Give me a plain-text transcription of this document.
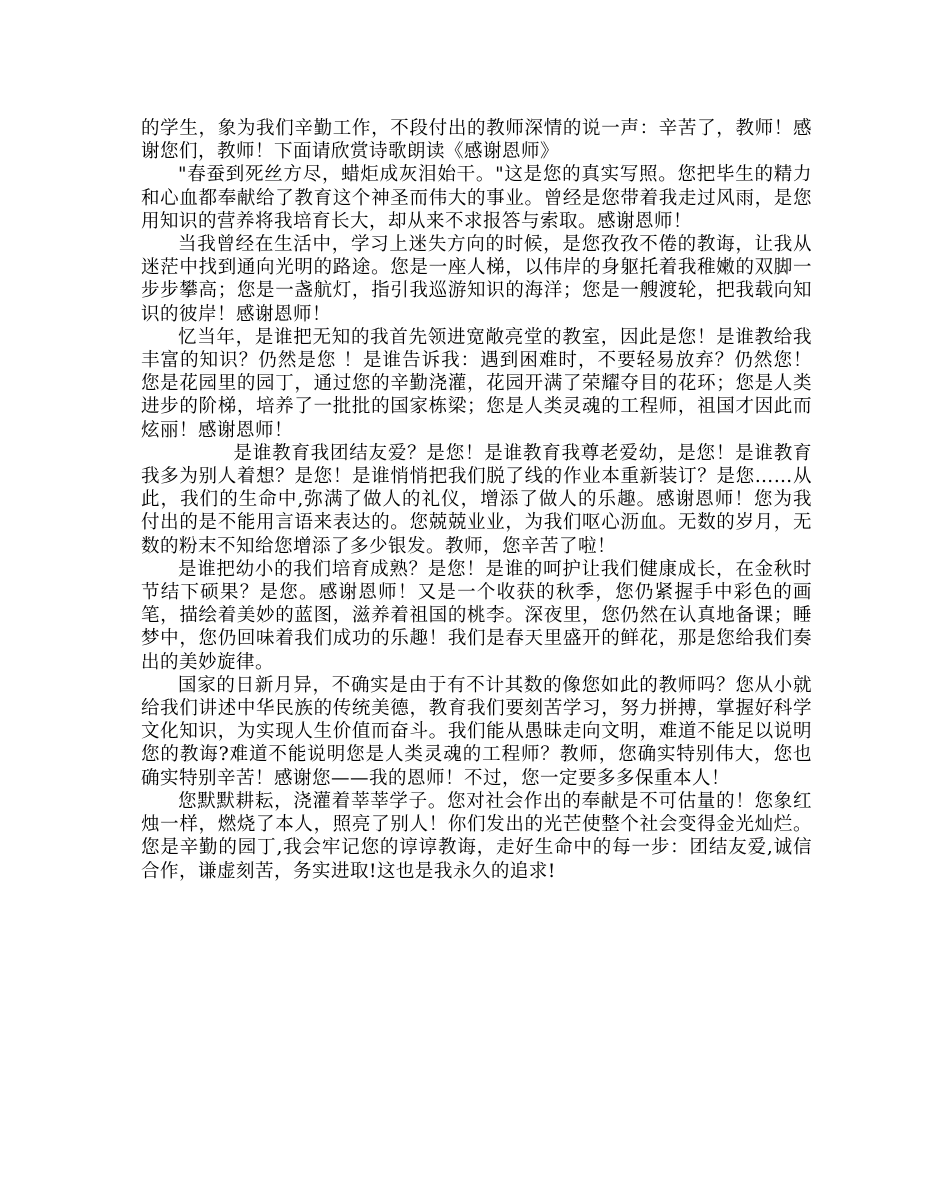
的学生，象为我们辛勤工作，不段付出的教师深情的说一声：辛苦了，教师！感谢您们，教师！下面请欣赏诗歌朗读《感谢恩师》

"春蚕到死丝方尽，蜡炬成灰泪始干。"这是您的真实写照。您把毕生的精力和心血都奉献给了教育这个神圣而伟大的事业。曾经是您带着我走过风雨，是您用知识的营养将我培育长大，却从来不求报答与索取。感谢恩师！

当我曾经在生活中，学习上迷失方向的时候，是您孜孜不倦的教诲，让我从迷茫中找到通向光明的路途。您是一座人梯，以伟岸的身躯托着我稚嫩的双脚一步步攀高；您是一盏航灯，指引我巡游知识的海洋；您是一艘渡轮，把我载向知识的彼岸！感谢恩师！

忆当年，是谁把无知的我首先领进宽敞亮堂的教室，因此是您！是谁教给我丰富的知识？仍然是您 ！是谁告诉我：遇到困难时，不要轻易放弃？仍然您！您是花园里的园丁，通过您的辛勤浇灌，花园开满了荣耀夺目的花环；您是人类进步的阶梯，培养了一批批的国家栋梁；您是人类灵魂的工程师，祖国才因此而炫丽！感谢恩师！

是谁教育我团结友爱？是您！是谁教育我尊老爱幼，是您！是谁教育我多为别人着想？是您！是谁悄悄把我们脱了线的作业本重新装订？是您……从此，我们的生命中,弥满了做人的礼仪，增添了做人的乐趣。感谢恩师！您为我付出的是不能用言语来表达的。您兢兢业业，为我们呕心沥血。无数的岁月，无数的粉末不知给您增添了多少银发。教师，您辛苦了啦！

是谁把幼小的我们培育成熟？是您！是谁的呵护让我们健康成长，在金秋时节结下硕果？是您。感谢恩师！又是一个收获的秋季，您仍紧握手中彩色的画笔，描绘着美妙的蓝图，滋养着祖国的桃李。深夜里，您仍然在认真地备课；睡梦中，您仍回味着我们成功的乐趣！我们是春天里盛开的鲜花，那是您给我们奏出的美妙旋律。

国家的日新月异，不确实是由于有不计其数的像您如此的教师吗？您从小就给我们讲述中华民族的传统美德，教育我们要刻苦学习，努力拼搏，掌握好科学文化知识，为实现人生价值而奋斗。我们能从愚昧走向文明，难道不能足以说明您的教诲?难道不能说明您是人类灵魂的工程师？教师，您确实特别伟大，您也确实特别辛苦！感谢您——我的恩师！不过，您一定要多多保重本人！

您默默耕耘，浇灌着莘莘学子。您对社会作出的奉献是不可估量的！您象红烛一样，燃烧了本人，照亮了别人！你们发出的光芒使整个社会变得金光灿烂。您是辛勤的园丁,我会牢记您的谆谆教诲，走好生命中的每一步：团结友爱,诚信合作，谦虚刻苦，务实进取!这也是我永久的追求!
